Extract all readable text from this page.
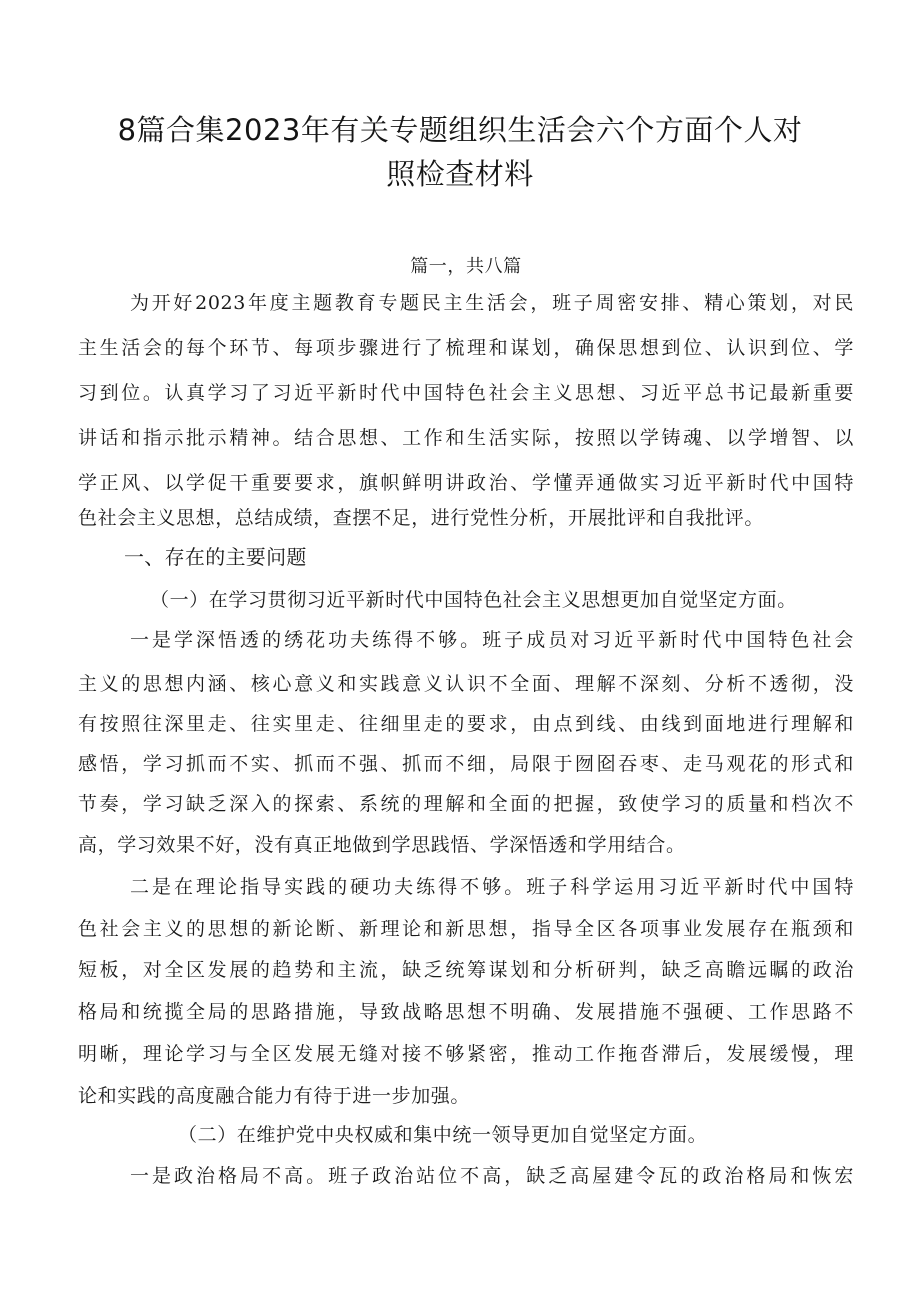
8篇合集2023年有关专题组织生活会六个方面个人对
照检查材料

篇一，共八篇

为开好2023年度主题教育专题民主生活会，班子周密安排、精心策划，对民

主生活会的每个环节、每项步骤进行了梳理和谋划，确保思想到位、认识到位、学

习到位。认真学习了习近平新时代中国特色社会主义思想、习近平总书记最新重要

讲话和指示批示精神。结合思想、工作和生活实际，按照以学铸魂、以学增智、以

学正风、以学促干重要要求，旗帜鲜明讲政治、学懂弄通做实习近平新时代中国特

色社会主义思想，总结成绩，查摆不足，进行党性分析，开展批评和自我批评。

一、存在的主要问题

（一）在学习贯彻习近平新时代中国特色社会主义思想更加自觉坚定方面。

一是学深悟透的绣花功夫练得不够。班子成员对习近平新时代中国特色社会

主义的思想内涵、核心意义和实践意义认识不全面、理解不深刻、分析不透彻，没

有按照往深里走、往实里走、往细里走的要求，由点到线、由线到面地进行理解和

感悟，学习抓而不实、抓而不强、抓而不细，局限于囫囵吞枣、走马观花的形式和

节奏，学习缺乏深入的探索、系统的理解和全面的把握，致使学习的质量和档次不

高，学习效果不好，没有真正地做到学思践悟、学深悟透和学用结合。

二是在理论指导实践的硬功夫练得不够。班子科学运用习近平新时代中国特

色社会主义的思想的新论断、新理论和新思想，指导全区各项事业发展存在瓶颈和

短板，对全区发展的趋势和主流，缺乏统筹谋划和分析研判，缺乏高瞻远瞩的政治

格局和统揽全局的思路措施，导致战略思想不明确、发展措施不强硬、工作思路不

明晰，理论学习与全区发展无缝对接不够紧密，推动工作拖沓滞后，发展缓慢，理

论和实践的高度融合能力有待于进一步加强。

（二）在维护党中央权威和集中统一领导更加自觉坚定方面。

一是政治格局不高。班子政治站位不高，缺乏高屋建令瓦的政治格局和恢宏
